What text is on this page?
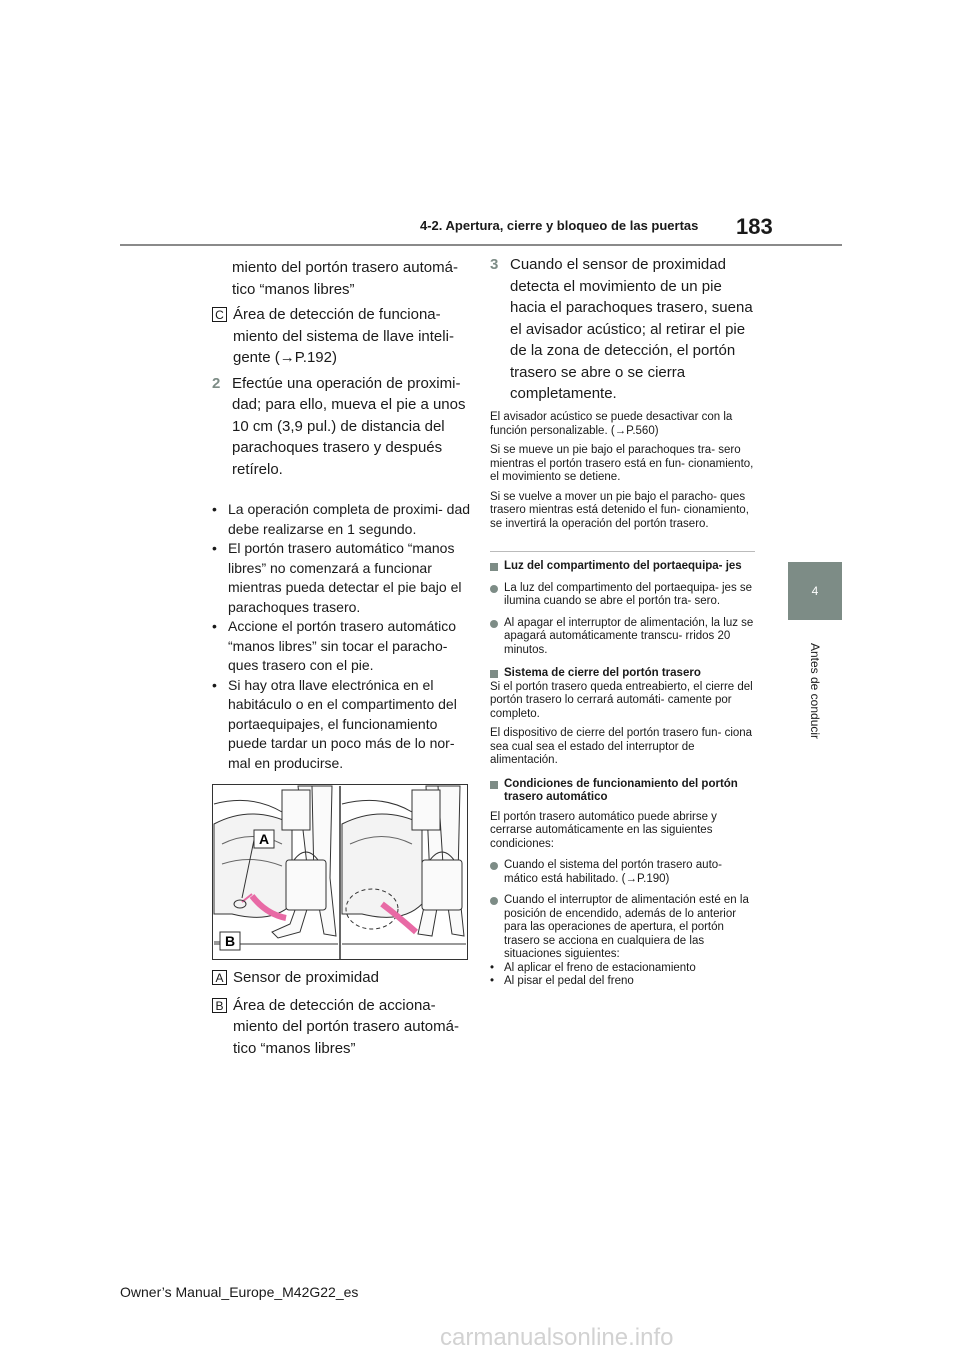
4-2. Apertura, cierre y bloqueo de las puertas 183
4
Antes de conducir

miento del portón trasero automá- tico “manos libres”

C Área de detección de funciona- miento del sistema de llave inteli- gente (→P.192)

2 Efectúe una operación de proximi- dad; para ello, mueva el pie a unos 10 cm (3,9 pul.) de distancia del parachoques trasero y después retírelo.

• La operación completa de proximi- dad debe realizarse en 1 segundo.
• El portón trasero automático “manos libres” no comenzará a funcionar mientras pueda detectar el pie bajo el parachoques trasero.
• Accione el portón trasero automático “manos libres” sin tocar el paracho- ques trasero con el pie.
• Si hay otra llave electrónica en el habitáculo o en el compartimento del portaequipajes, el funcionamiento puede tardar un poco más de lo nor- mal en producirse.
A
B
A Sensor de proximidad

B Área de detección de acciona- miento del portón trasero automá- tico “manos libres”

3 Cuando el sensor de proximidad detecta el movimiento de un pie hacia el parachoques trasero, suena el avisador acústico; al retirar el pie de la zona de detección, el portón trasero se abre o se cierra completamente.

El avisador acústico se puede desactivar con la función personalizable. (→P.560)

Si se mueve un pie bajo el parachoques tra- sero mientras el portón trasero está en fun- cionamiento, el movimiento se detiene.

Si se vuelve a mover un pie bajo el paracho- ques trasero mientras está detenido el fun- cionamiento, se invertirá la operación del portón trasero.

Luz del compartimento del portaequipa- jes
La luz del compartimento del portaequipa- jes se ilumina cuando se abre el portón tra- sero.
Al apagar el interruptor de alimentación, la luz se apagará automáticamente transcu- rridos 20 minutos.
Sistema de cierre del portón trasero

Si el portón trasero queda entreabierto, el cierre del portón trasero lo cerrará automáti- camente por completo.

El dispositivo de cierre del portón trasero fun- ciona sea cual sea el estado del interruptor de alimentación.

Condiciones de funcionamiento del portón trasero automático

El portón trasero automático puede abrirse y cerrarse automáticamente en las siguientes condiciones:

Cuando el sistema del portón trasero auto- mático está habilitado. (→P.190)
Cuando el interruptor de alimentación esté en la posición de encendido, además de lo anterior para las operaciones de apertura, el portón trasero se acciona en cualquiera de las situaciones siguientes:
• Al aplicar el freno de estacionamiento
• Al pisar el pedal del freno
Owner’s Manual_Europe_M42G22_es
carmanualsonline.info
